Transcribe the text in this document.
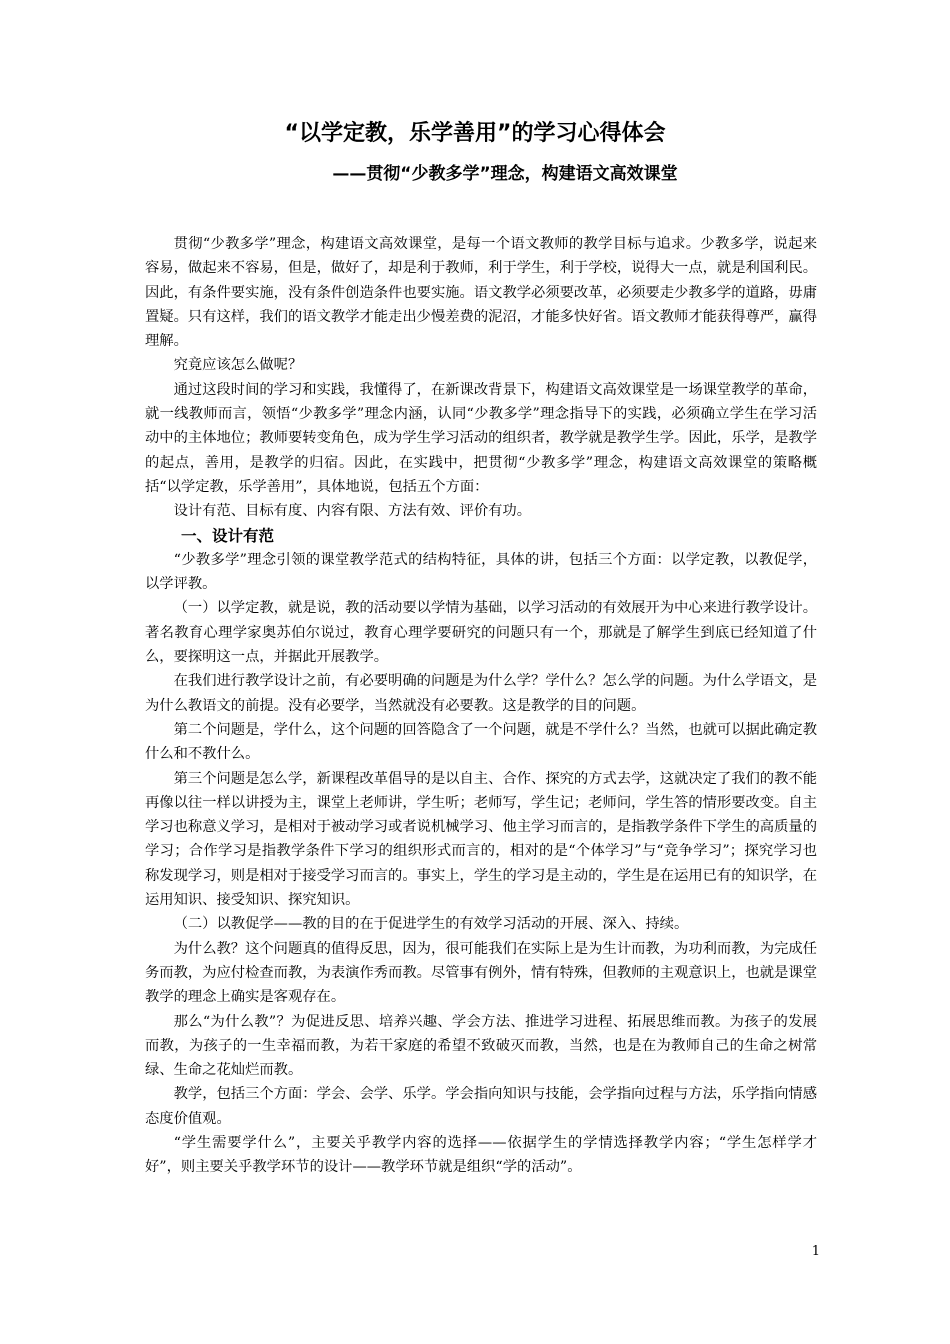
“以学定教，乐学善用”的学习心得体会
——贯彻“少教多学”理念，构建语文高效课堂

贯彻“少教多学”理念，构建语文高效课堂，是每一个语文教师的教学目标与追求。少教多学，说起来容易，做起来不容易，但是，做好了，却是利于教师，利于学生，利于学校，说得大一点，就是利国利民。因此，有条件要实施，没有条件创造条件也要实施。语文教学必须要改革，必须要走少教多学的道路，毋庸置疑。只有这样，我们的语文教学才能走出少慢差费的泥沼，才能多快好省。语文教师才能获得尊严，赢得理解。

究竟应该怎么做呢？

通过这段时间的学习和实践，我懂得了，在新课改背景下，构建语文高效课堂是一场课堂教学的革命，就一线教师而言，领悟“少教多学”理念内涵，认同“少教多学”理念指导下的实践，必须确立学生在学习活动中的主体地位；教师要转变角色，成为学生学习活动的组织者，教学就是教学生学。因此，乐学，是教学的起点，善用，是教学的归宿。因此，在实践中，把贯彻“少教多学”理念，构建语文高效课堂的策略概括“以学定教，乐学善用”，具体地说，包括五个方面：

设计有范、目标有度、内容有限、方法有效、评价有功。

一、设计有范

“少教多学”理念引领的课堂教学范式的结构特征，具体的讲，包括三个方面：以学定教，以教促学，以学评教。

（一）以学定教，就是说，教的活动要以学情为基础，以学习活动的有效展开为中心来进行教学设计。著名教育心理学家奥苏伯尔说过，教育心理学要研究的问题只有一个，那就是了解学生到底已经知道了什么，要探明这一点，并据此开展教学。

在我们进行教学设计之前，有必要明确的问题是为什么学？学什么？怎么学的问题。为什么学语文，是为什么教语文的前提。没有必要学，当然就没有必要教。这是教学的目的问题。

第二个问题是，学什么，这个问题的回答隐含了一个问题，就是不学什么？当然，也就可以据此确定教什么和不教什么。

第三个问题是怎么学，新课程改革倡导的是以自主、合作、探究的方式去学，这就决定了我们的教不能再像以往一样以讲授为主，课堂上老师讲，学生听；老师写，学生记；老师问，学生答的情形要改变。自主学习也称意义学习，是相对于被动学习或者说机械学习、他主学习而言的，是指教学条件下学生的高质量的学习；合作学习是指教学条件下学习的组织形式而言的，相对的是“个体学习”与“竞争学习”；探究学习也称发现学习，则是相对于接受学习而言的。事实上，学生的学习是主动的，学生是在运用已有的知识学，在运用知识、接受知识、探究知识。

（二）以教促学——教的目的在于促进学生的有效学习活动的开展、深入、持续。

为什么教？这个问题真的值得反思，因为，很可能我们在实际上是为生计而教，为功利而教，为完成任务而教，为应付检查而教，为表演作秀而教。尽管事有例外，情有特殊，但教师的主观意识上，也就是课堂教学的理念上确实是客观存在。

那么“为什么教”？为促进反思、培养兴趣、学会方法、推进学习进程、拓展思维而教。为孩子的发展而教，为孩子的一生幸福而教，为若干家庭的希望不致破灭而教，当然，也是在为教师自己的生命之树常绿、生命之花灿烂而教。

教学，包括三个方面：学会、会学、乐学。学会指向知识与技能，会学指向过程与方法，乐学指向情感态度价值观。

“学生需要学什么”，主要关乎教学内容的选择——依据学生的学情选择教学内容；“学生怎样学才好”，则主要关乎教学环节的设计——教学环节就是组织“学的活动”。

1
